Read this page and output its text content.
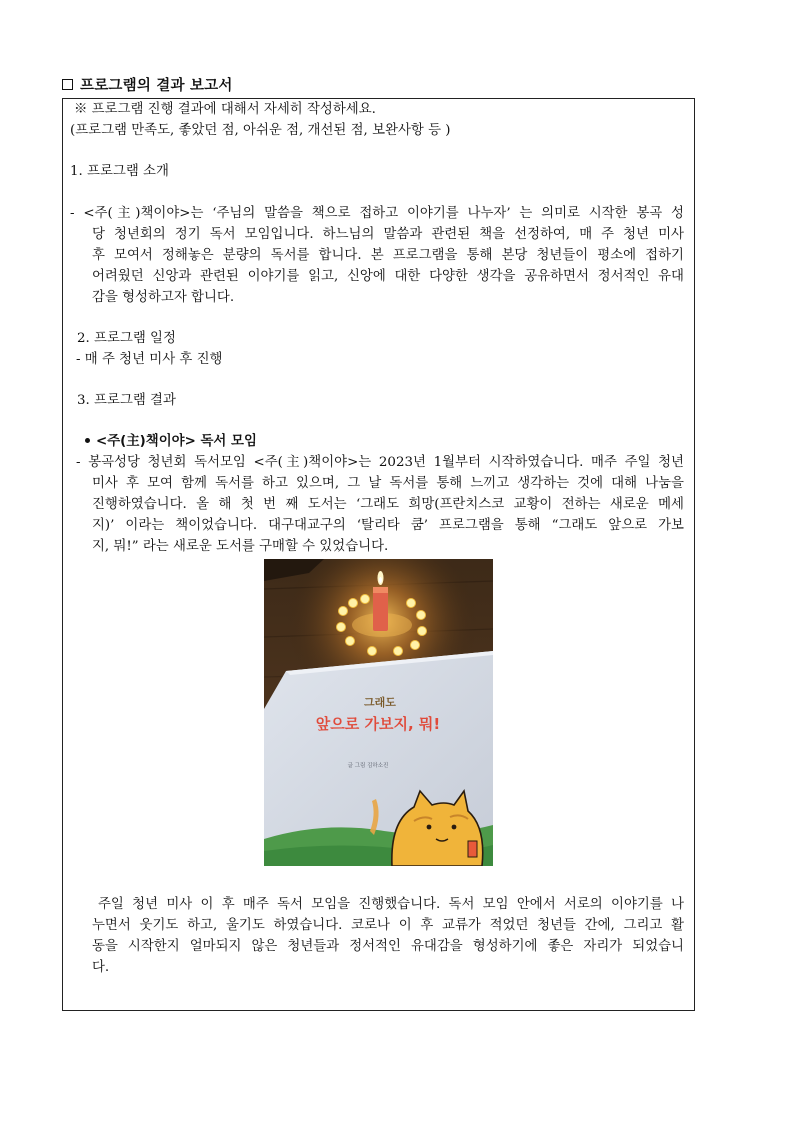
프로그램의 결과 보고서
※ 프로그램 진행 결과에 대해서 자세히 작성하세요.
(프로그램 만족도, 좋았던 점, 아쉬운 점, 개선된 점, 보완사항 등 )
1. 프로그램 소개
- <주(主)책이야>는 ‘주님의 말씀을 책으로 접하고 이야기를 나누자’ 는 의미로 시작한 봉곡 성
당 청년회의 정기 독서 모임입니다. 하느님의 말씀과 관련된 책을 선정하여, 매 주 청년 미사
후 모여서 정해놓은 분량의 독서를 합니다. 본 프로그램을 통해 본당 청년들이 평소에 접하기
어려웠던 신앙과 관련된 이야기를 읽고, 신앙에 대한 다양한 생각을 공유하면서 정서적인 유대
감을 형성하고자 합니다.
2. 프로그램 일정
- 매 주 청년 미사 후 진행
3. 프로그램 결과
<주(主)책이야> 독서 모임
- 봉곡성당 청년회 독서모임 <주(主)책이야>는 2023년 1월부터 시작하였습니다. 매주 주일 청년
미사 후 모여 함께 독서를 하고 있으며, 그 날 독서를 통해 느끼고 생각하는 것에 대해 나눔을
진행하였습니다. 올 해 첫 번 째 도서는 ‘그래도 희망(프란치스코 교황이 전하는 새로운 메세
지)’ 이라는 책이었습니다. 대구대교구의 ‘탈리타 쿰’ 프로그램을 통해 “그래도 앞으로 가보
지, 뭐!” 라는 새로운 도서를 구매할 수 있었습니다.
그래도
앞으로 가보지, 뭐!
글 그림 김하소진
주일 청년 미사 이 후 매주 독서 모임을 진행했습니다. 독서 모임 안에서 서로의 이야기를 나
누면서 웃기도 하고, 울기도 하였습니다. 코로나 이 후 교류가 적었던 청년들 간에, 그리고 활
동을 시작한지 얼마되지 않은 청년들과 정서적인 유대감을 형성하기에 좋은 자리가 되었습니
다.
